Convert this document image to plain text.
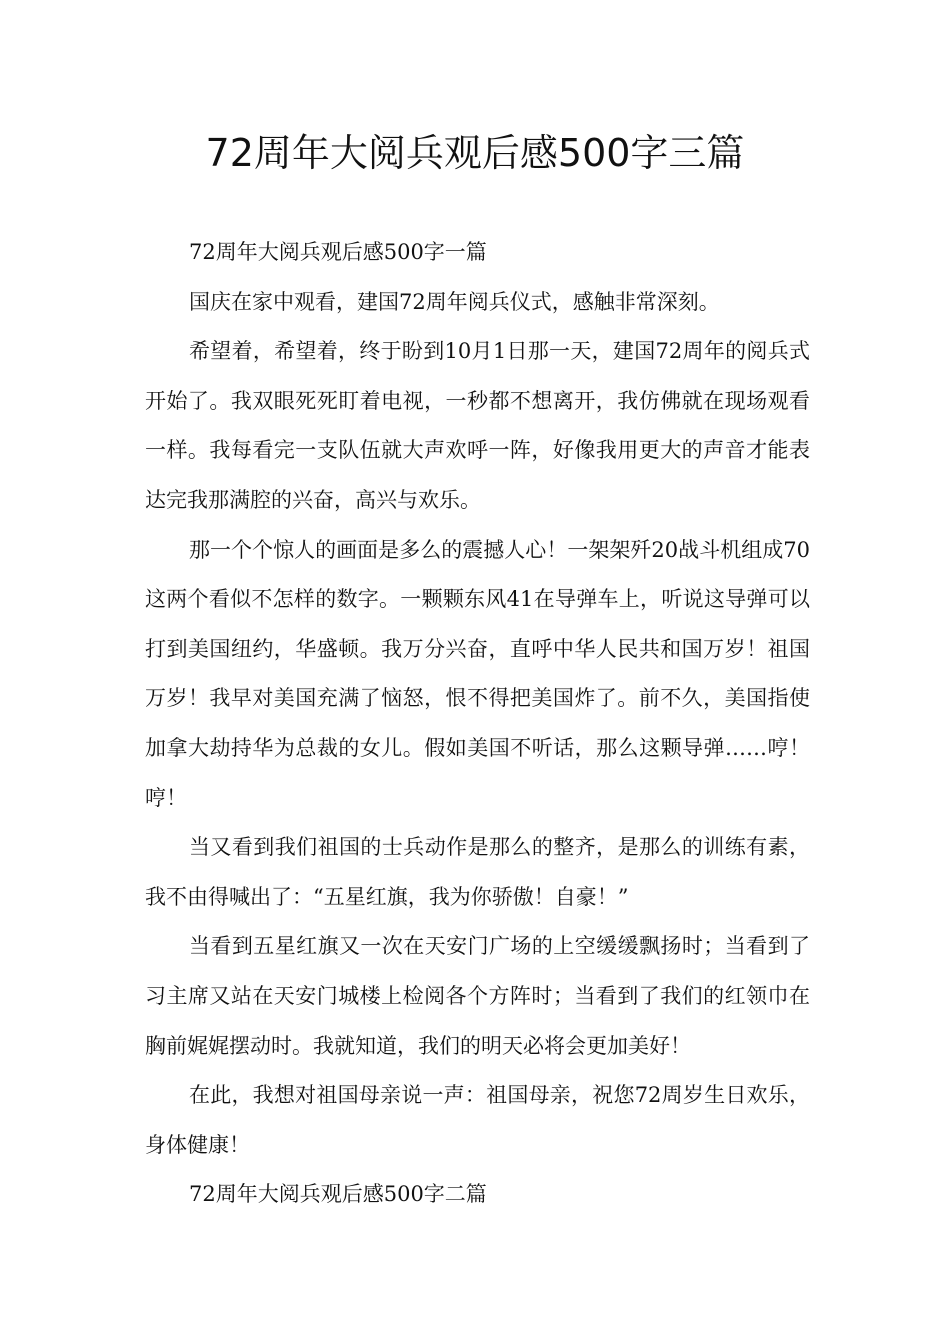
72周年大阅兵观后感500字三篇

72周年大阅兵观后感500字一篇

国庆在家中观看，建国72周年阅兵仪式，感触非常深刻。

希望着，希望着，终于盼到10月1日那一天，建国72周年的阅兵式开始了。我双眼死死盯着电视，一秒都不想离开，我仿佛就在现场观看一样。我每看完一支队伍就大声欢呼一阵，好像我用更大的声音才能表达完我那满腔的兴奋，高兴与欢乐。

那一个个惊人的画面是多么的震撼人心！一架架歼20战斗机组成70这两个看似不怎样的数字。一颗颗东风41在导弹车上，听说这导弹可以打到美国纽约，华盛顿。我万分兴奋，直呼中华人民共和国万岁！祖国万岁！我早对美国充满了恼怒，恨不得把美国炸了。前不久，美国指使加拿大劫持华为总裁的女儿。假如美国不听话，那么这颗导弹……哼！哼！

当又看到我们祖国的士兵动作是那么的整齐，是那么的训练有素，我不由得喊出了：“五星红旗，我为你骄傲！自豪！”

当看到五星红旗又一次在天安门广场的上空缓缓飘扬时；当看到了习主席又站在天安门城楼上检阅各个方阵时；当看到了我们的红领巾在胸前娓娓摆动时。我就知道，我们的明天必将会更加美好！

在此，我想对祖国母亲说一声：祖国母亲，祝您72周岁生日欢乐，身体健康！

72周年大阅兵观后感500字二篇
